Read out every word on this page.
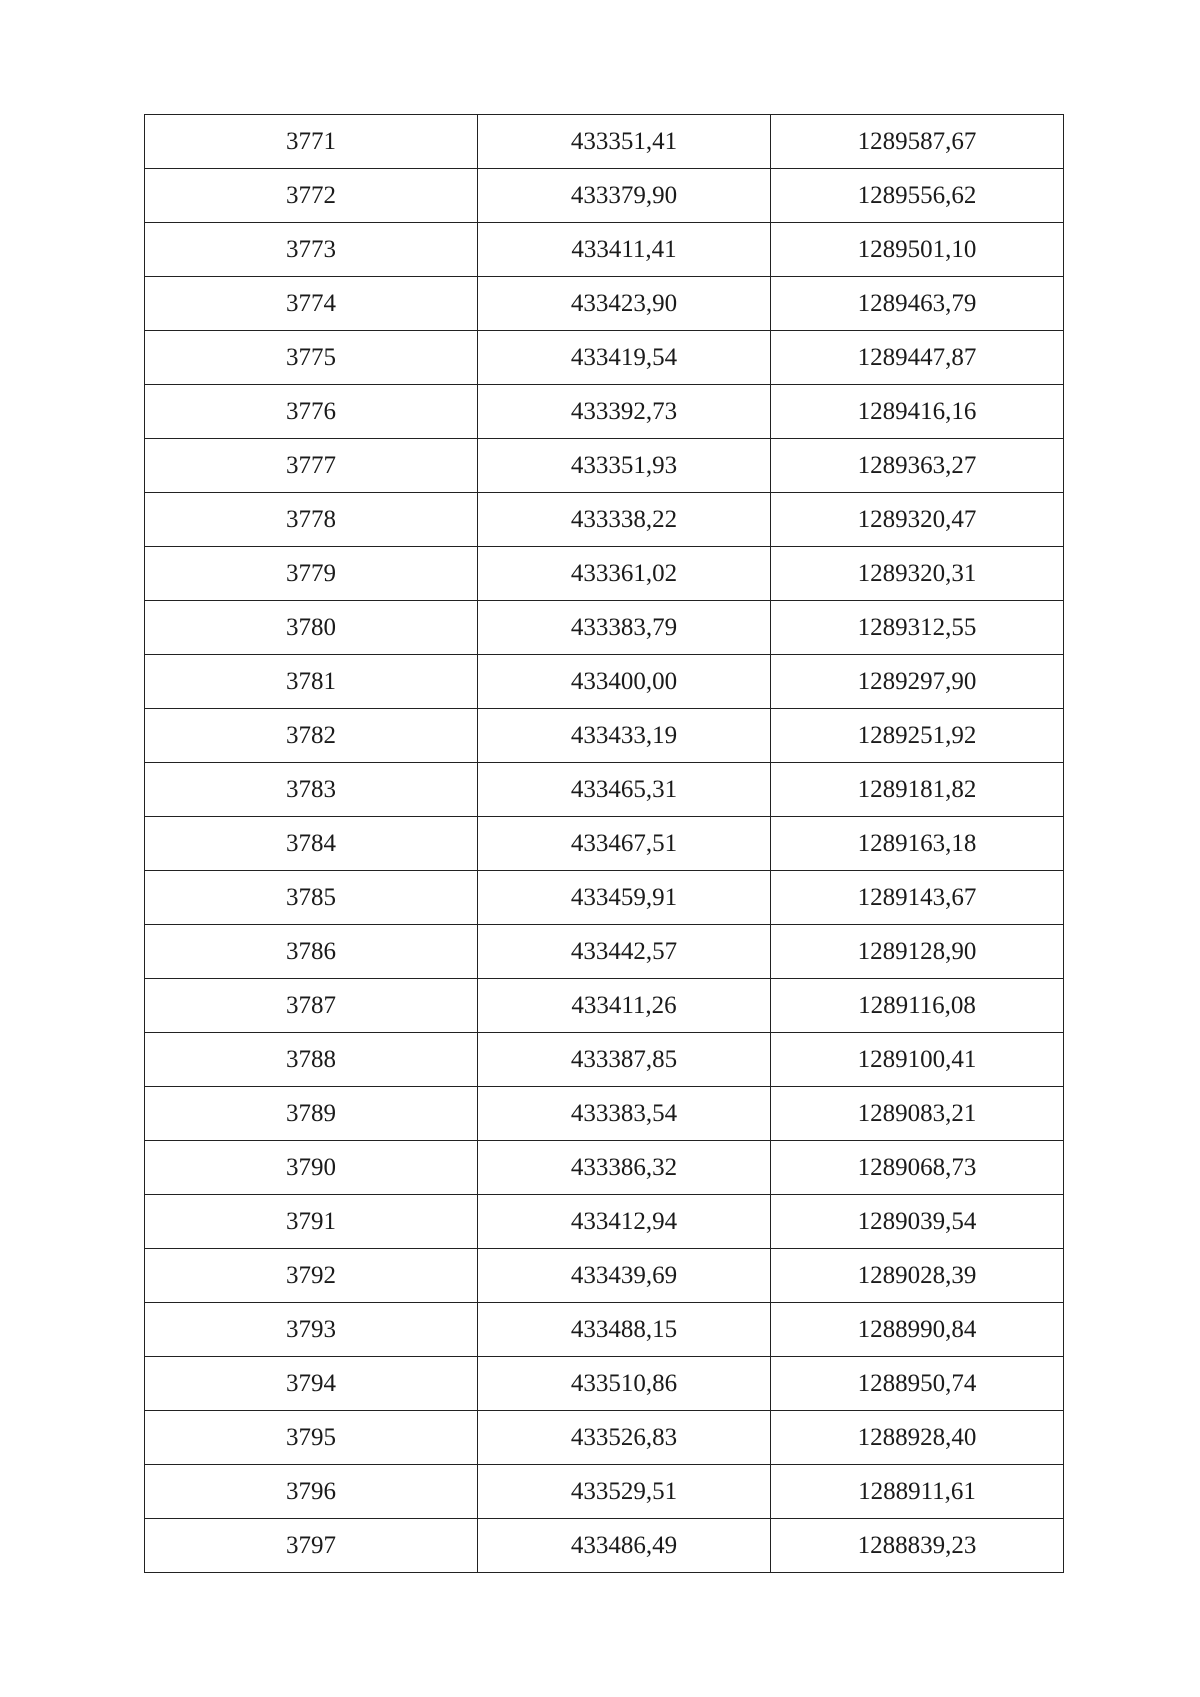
3771	433351,41	1289587,67
3772	433379,90	1289556,62
3773	433411,41	1289501,10
3774	433423,90	1289463,79
3775	433419,54	1289447,87
3776	433392,73	1289416,16
3777	433351,93	1289363,27
3778	433338,22	1289320,47
3779	433361,02	1289320,31
3780	433383,79	1289312,55
3781	433400,00	1289297,90
3782	433433,19	1289251,92
3783	433465,31	1289181,82
3784	433467,51	1289163,18
3785	433459,91	1289143,67
3786	433442,57	1289128,90
3787	433411,26	1289116,08
3788	433387,85	1289100,41
3789	433383,54	1289083,21
3790	433386,32	1289068,73
3791	433412,94	1289039,54
3792	433439,69	1289028,39
3793	433488,15	1288990,84
3794	433510,86	1288950,74
3795	433526,83	1288928,40
3796	433529,51	1288911,61
3797	433486,49	1288839,23
